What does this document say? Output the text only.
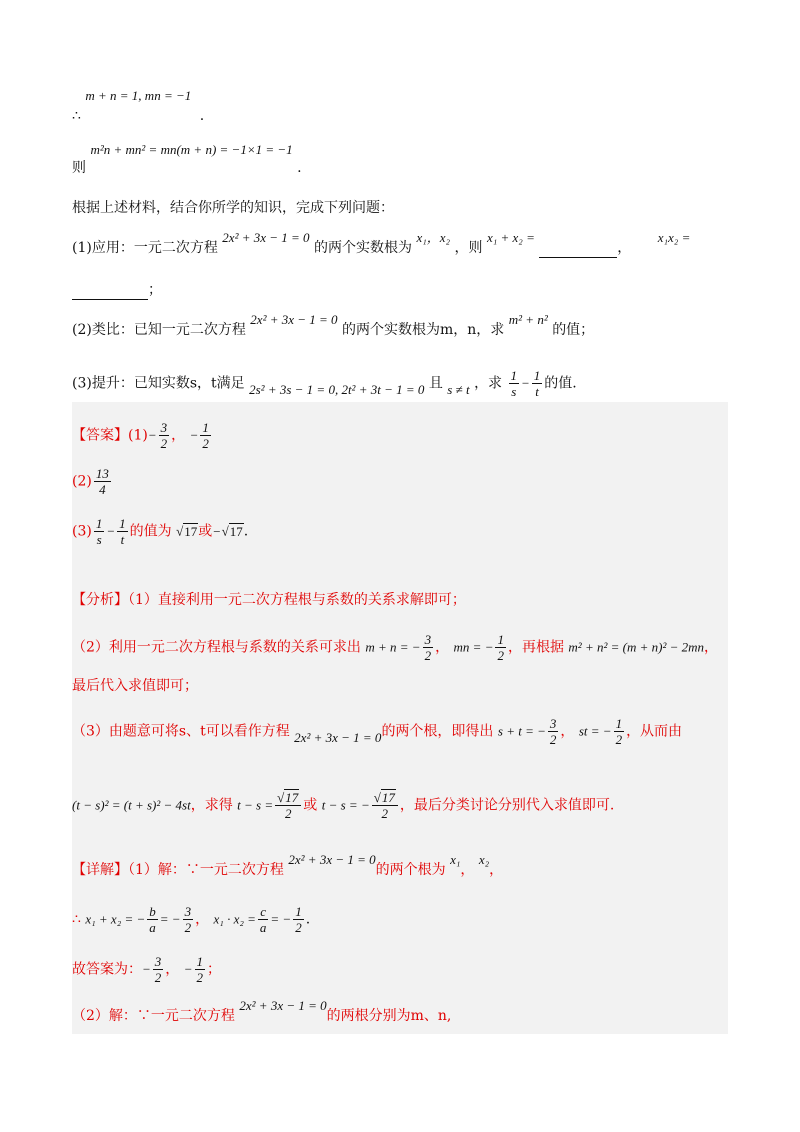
∴ m + n = 1, mn = −1 .
则 m²n + mn² = mn(m + n) = −1×1 = −1 .
根据上述材料，结合你所学的知识，完成下列问题：
(1)应用：一元二次方程 2x² + 3x − 1 = 0 的两个实数根为 x₁，x₂ ，则 x₁ + x₂ = ， x₁x₂ =
；
(2)类比：已知一元二次方程 2x² + 3x − 1 = 0 的两个实数根为m，n，求 m² + n² 的值；
(3)提升：已知实数s，t满足 2s² + 3s − 1 = 0, 2t² + 3t − 1 = 0 且 s ≠ t ，求 $\frac{1}{s} - \frac{1}{t}$ 的值.
【答案】$(1)- \frac{3}{2}$ ， − $\frac{1}{2}$
$(2) \frac{13}{4}$
$(3) \frac{1}{s} - \frac{1}{t}$ 的值为 √17或−√17.
【分析】（1）直接利用一元二次方程根与系数的关系求解即可；
（2）利用一元二次方程根与系数的关系可求出 m + n = − $\frac{3}{2}$ ， mn = − $\frac{1}{2}$ ，再根据 m² + n² = (m + n)² − 2mn，
最后代入求值即可；
（3）由题意可将s、t可以看作方程 2x² + 3x − 1 = 0的两个根，即得出 s + t = − $\frac{3}{2}$ ， st = − $\frac{1}{2}$ ，从而由
(t − s)² = (t + s)² − 4st，求得 $t - s = \frac{√17}{2}$ 或 t − s = − $\frac{√17}{2}$ ，最后分类讨论分别代入求值即可.
【详解】（1）解：∵一元二次方程 2x² + 3x − 1 = 0的两个根为 x₁， x₂，
∴ x₁ + x₂ = − $\frac{b}{a}$ = − $\frac{3}{2}$ ， $x_1 \cdot x_2 = \frac{c}{a}$ = − $\frac{1}{2}$ .
故答案为：− $\frac{3}{2}$ ， − $\frac{1}{2}$ ；
（2）解：∵一元二次方程 2x² + 3x − 1 = 0的两根分别为m、n,
